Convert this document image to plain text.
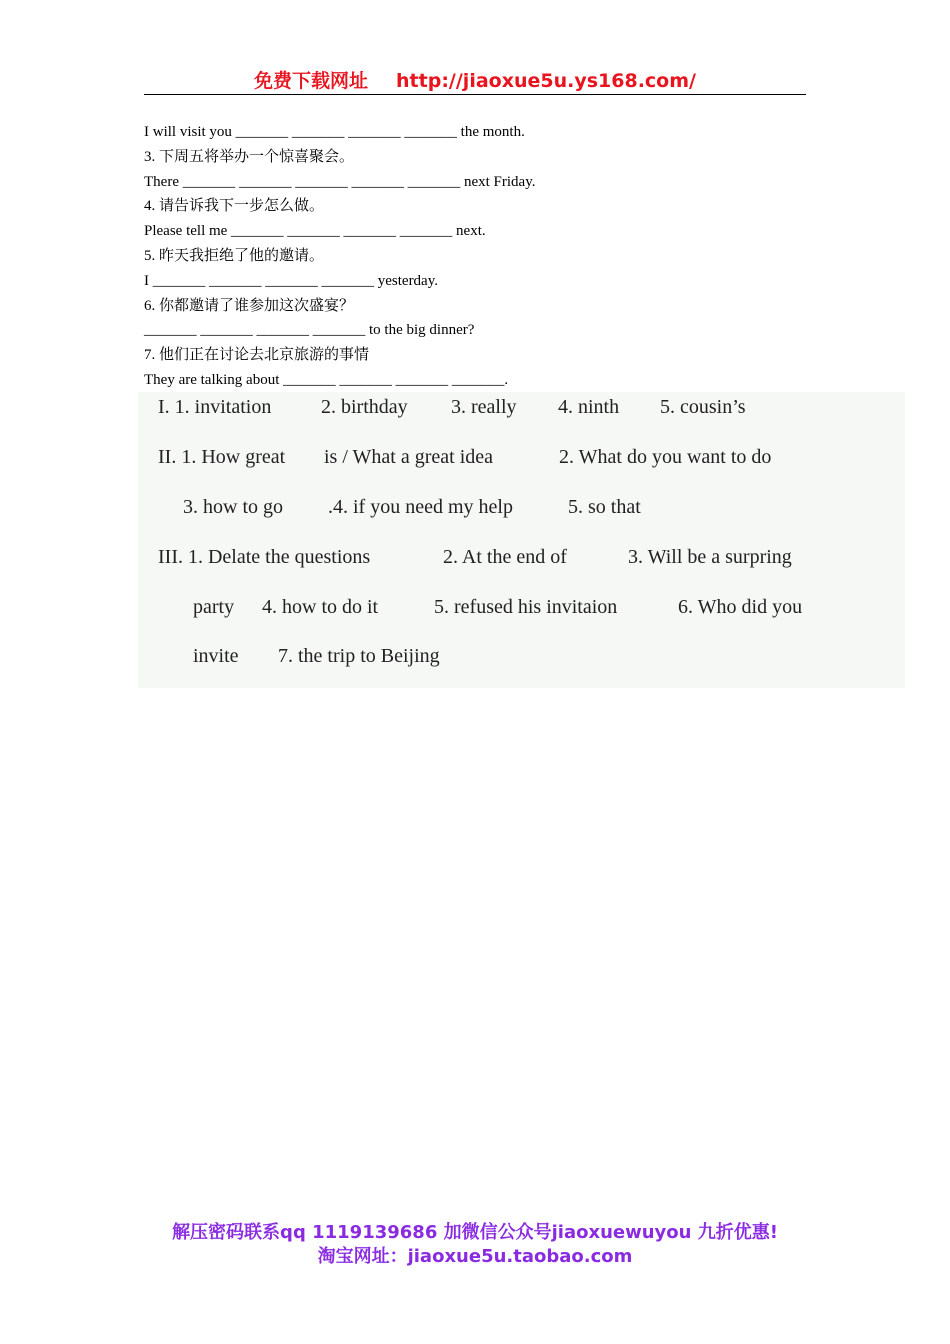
免费下载网址 http://jiaoxue5u.ys168.com/
I will visit you _______ _______ _______ _______ the month.
3. 下周五将举办一个惊喜聚会。
There _______ _______ _______ _______ _______ next Friday.
4. 请告诉我下一步怎么做。
Please tell me _______ _______ _______ _______ next.
5. 昨天我拒绝了他的邀请。
I _______ _______ _______ _______ yesterday.
6. 你都邀请了谁参加这次盛宴？
_______ _______ _______ _______ to the big dinner?
7. 他们正在讨论去北京旅游的事情
They are talking about _______ _______ _______ _______.
I. 1. invitation 2. birthday 3. really 4. ninth 5. cousin’s
II. 1. How great is / What a great idea	2. What do you want to do
3. how to go .4. if you need my help	5. so that
III. 1. Delate the questions	2. At the end of	3. Will be a surpring
party 4. how to do it	5. refused his invitaion	6. Who did you
invite 7. the trip to Beijing
解压密码联系qq 1119139686 加微信公众号jiaoxuewuyou 九折优惠!
淘宝网址：jiaoxue5u.taobao.com
